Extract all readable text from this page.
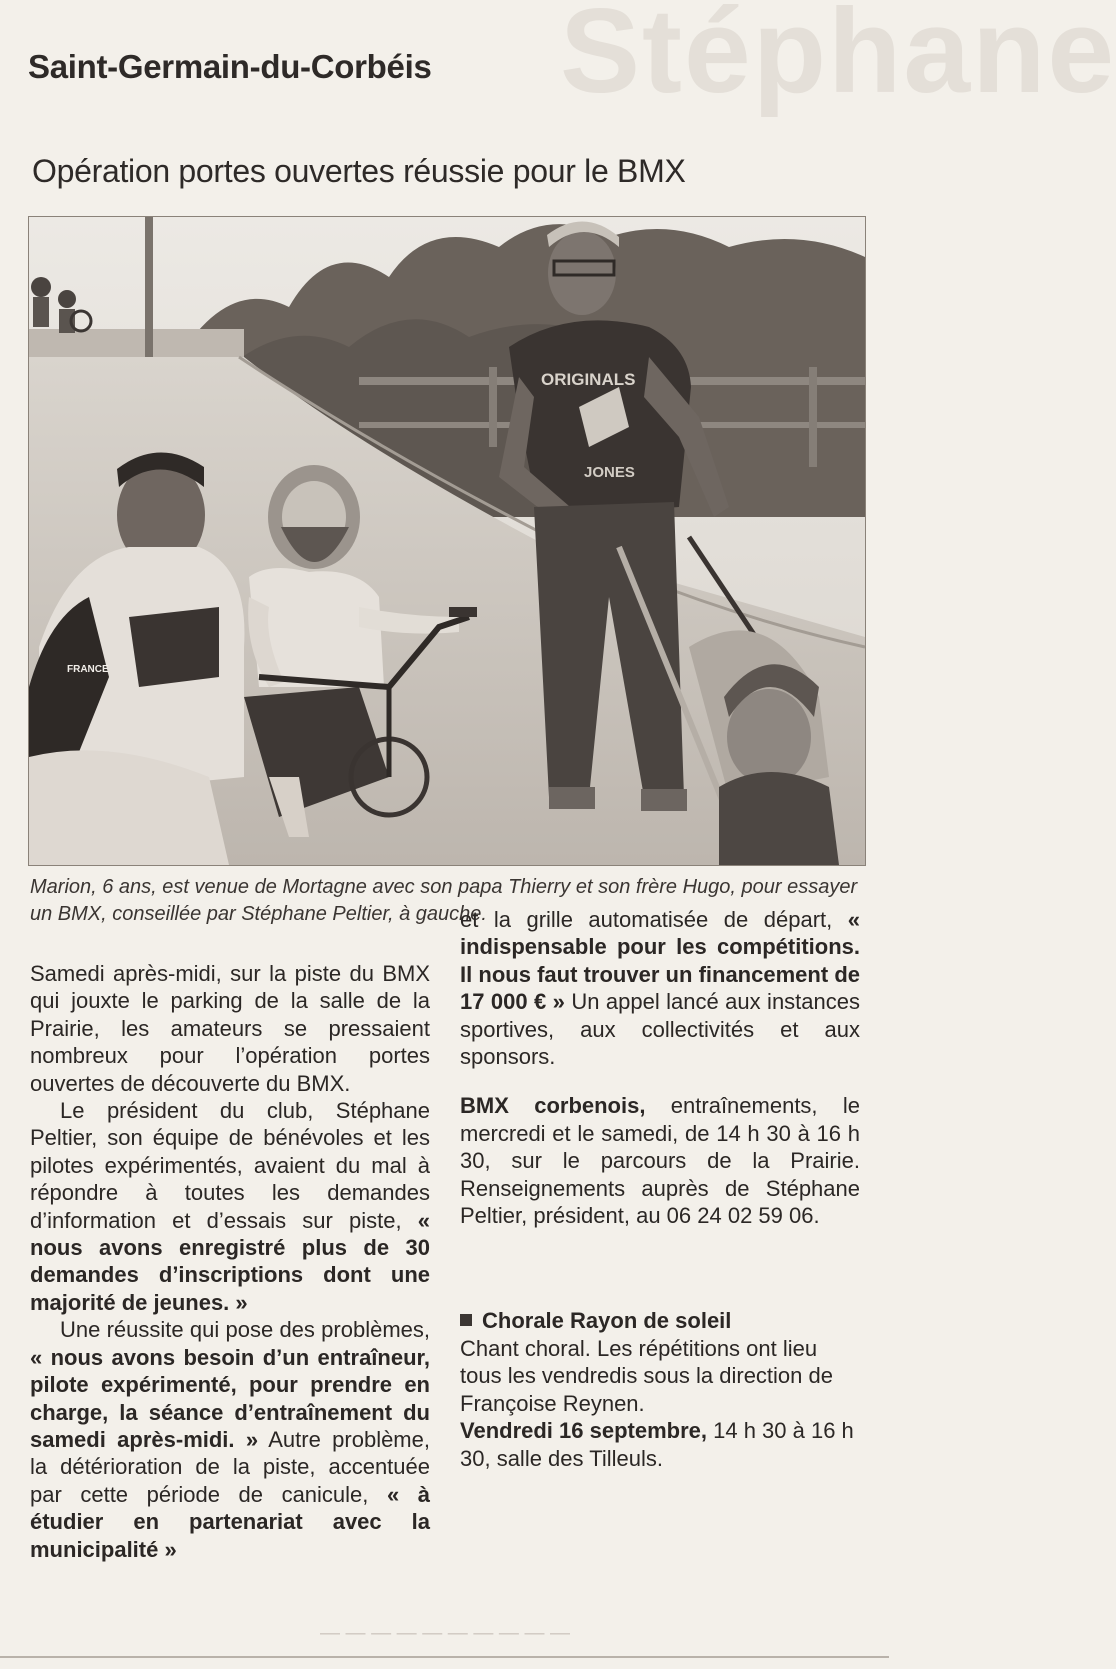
Stéphane
Saint-Germain-du-Corbéis
Opération portes ouvertes réussie pour le BMX
FRANCE
ORIGINALS
JONES
Marion, 6 ans, est venue de Mortagne avec son papa Thierry et son frère Hugo, pour essayer un BMX, conseillée par Stéphane Peltier, à gauche.

Samedi après-midi, sur la piste du BMX qui jouxte le parking de la salle de la Prairie, les amateurs se pressaient nombreux pour l’opération portes ouvertes de découverte du BMX.

Le président du club, Stéphane Peltier, son équipe de bénévoles et les pilotes expérimentés, avaient du mal à répondre à toutes les demandes d’information et d’essais sur piste, « nous avons enregistré plus de 30 demandes d’inscriptions dont une majorité de jeunes. »

Une réussite qui pose des problèmes, « nous avons besoin d’un entraîneur, pilote expérimenté, pour prendre en charge, la séance d’entraînement du samedi après-midi. » Autre problème, la détérioration de la piste, accentuée par cette période de canicule, « à étudier en partenariat avec la municipalité »

et la grille automatisée de départ, « indispensable pour les compétitions. Il nous faut trouver un financement de 17 000 € » Un appel lancé aux instances sportives, aux collectivités et aux sponsors.

BMX corbenois, entraînements, le mercredi et le samedi, de 14 h 30 à 16 h 30, sur le parcours de la Prairie. Renseignements auprès de Stéphane Peltier, président, au 06 24 02 59 06.

Chorale Rayon de soleil

Chant choral. Les répétitions ont lieu tous les vendredis sous la direction de Françoise Reynen.

Vendredi 16 septembre, 14 h 30 à 16 h 30, salle des Tilleuls.

— — — — — — — — — —
